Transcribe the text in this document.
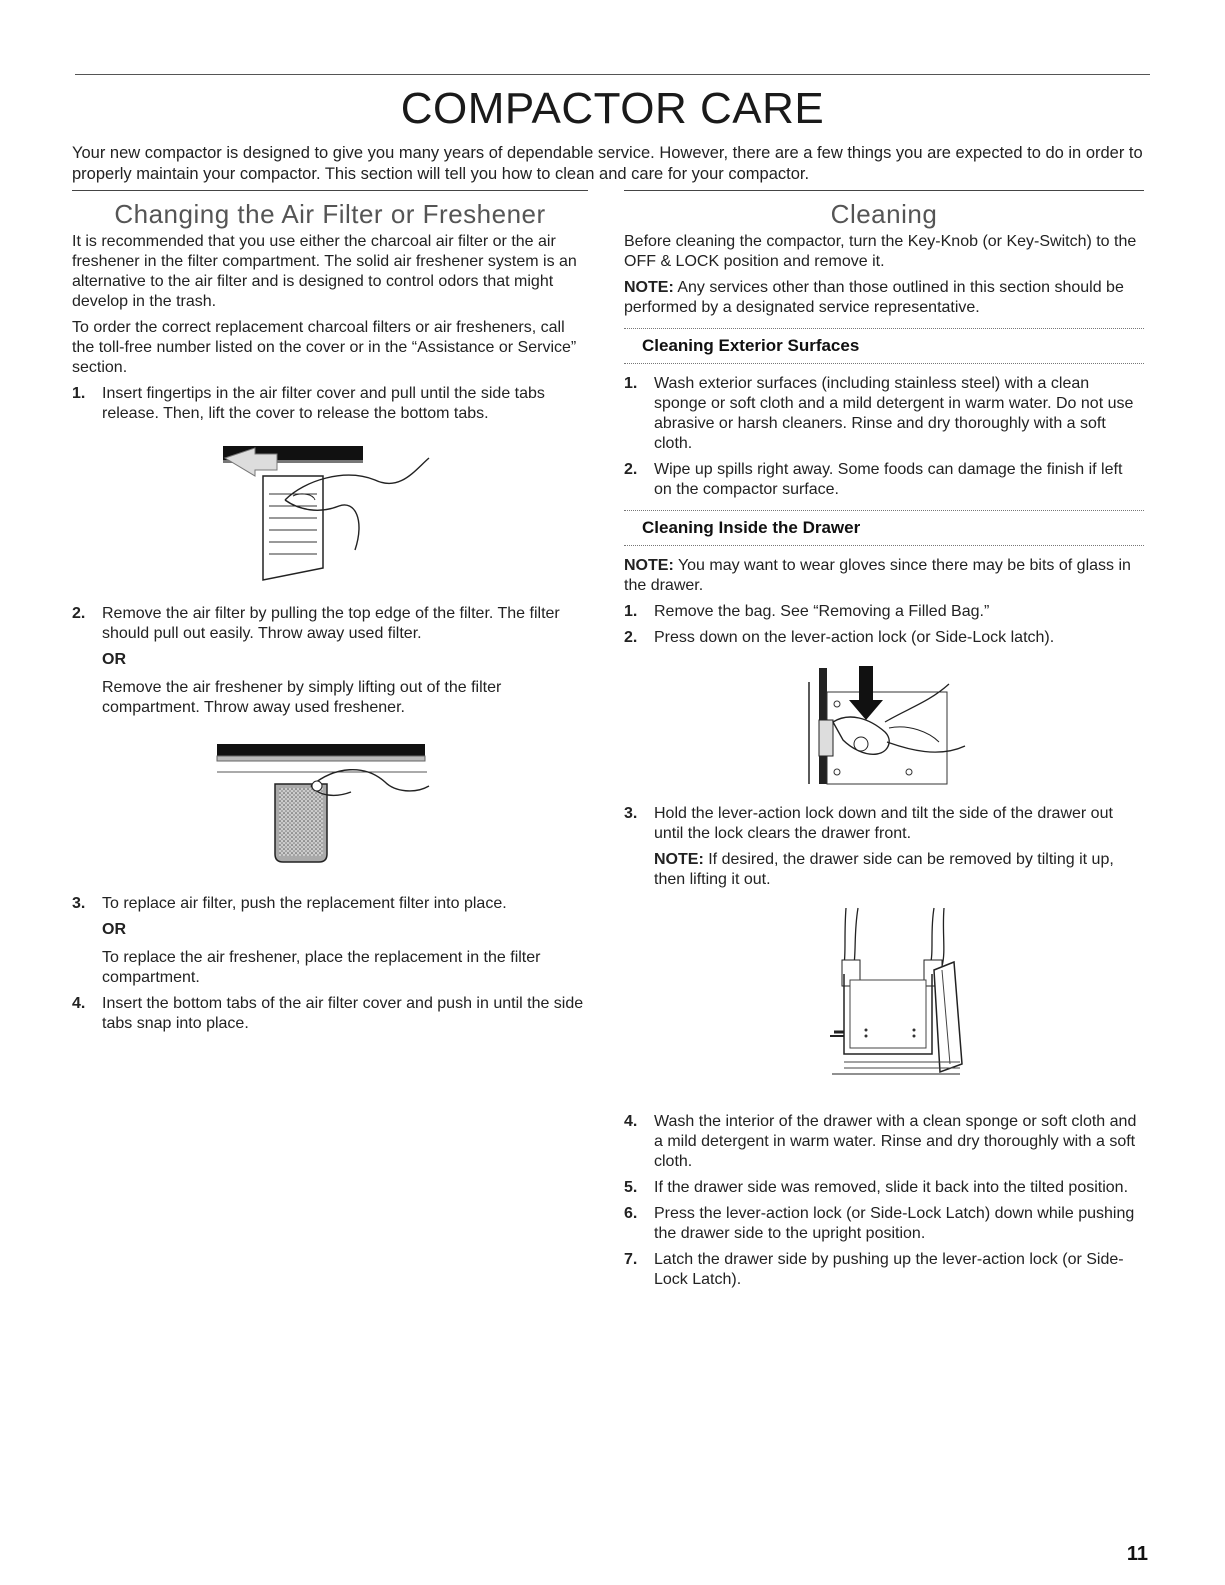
COMPACTOR CARE

Your new compactor is designed to give you many years of dependable service. However, there are a few things you are expected to do in order to properly maintain your compactor. This section will tell you how to clean and care for your compactor.

Changing the Air Filter or Freshener

It is recommended that you use either the charcoal air filter or the air freshener in the filter compartment. The solid air freshener system is an alternative to the air filter and is designed to control odors that might develop in the trash.

To order the correct replacement charcoal filters or air fresheners, call the toll-free number listed on the cover or in the “Assistance or Service” section.

1.	Insert fingertips in the air filter cover and pull until the side tabs release. Then, lift the cover to release the bottom tabs.
2.	Remove the air filter by pulling the top edge of the filter. The filter should pull out easily. Throw away used filter.
OR
Remove the air freshener by simply lifting out of the filter compartment. Throw away used freshener.
3.	To replace air filter, push the replacement filter into place.
OR
To replace the air freshener, place the replacement in the filter compartment.
4.	Insert the bottom tabs of the air filter cover and push in until the side tabs snap into place.
Cleaning

Before cleaning the compactor, turn the Key-Knob (or Key-Switch) to the OFF & LOCK position and remove it.

NOTE: Any services other than those outlined in this section should be performed by a designated service representative.

Cleaning Exterior Surfaces
1.	Wash exterior surfaces (including stainless steel) with a clean sponge or soft cloth and a mild detergent in warm water. Do not use abrasive or harsh cleaners. Rinse and dry thoroughly with a soft cloth.
2.	Wipe up spills right away. Some foods can damage the finish if left on the compactor surface.
Cleaning Inside the Drawer

NOTE: You may want to wear gloves since there may be bits of glass in the drawer.

1.	Remove the bag. See “Removing a Filled Bag.”
2.	Press down on the lever-action lock (or Side-Lock latch).
3.	Hold the lever-action lock down and tilt the side of the drawer out until the lock clears the drawer front.

NOTE: If desired, the drawer side can be removed by tilting it up, then lifting it out.

4.	Wash the interior of the drawer with a clean sponge or soft cloth and a mild detergent in warm water. Rinse and dry thoroughly with a soft cloth.
5.	If the drawer side was removed, slide it back into the tilted position.
6.	Press the lever-action lock (or Side-Lock Latch) down while pushing the drawer side to the upright position.
7.	Latch the drawer side by pushing up the lever-action lock (or Side-Lock Latch).
11
